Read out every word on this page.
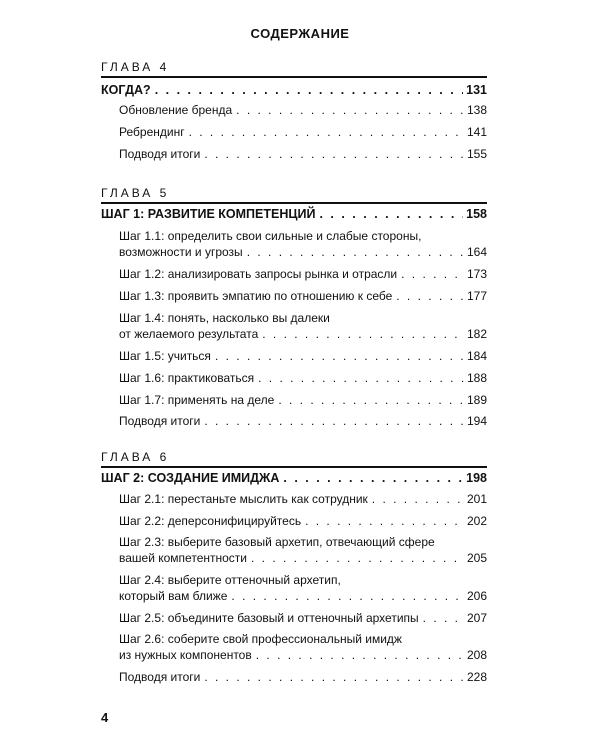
СОДЕРЖАНИЕ
ГЛАВА 4
КОГДА? . . .	131
Обновление бренда . . .	138
Ребрендинг . . .	141
Подводя итоги . . .	155
ГЛАВА 5
ШАГ 1: РАЗВИТИЕ КОМПЕТЕНЦИЙ . . .	158
Шаг 1.1: определить свои сильные и слабые стороны,
возможности и угрозы . . .	164
Шаг 1.2: анализировать запросы рынка и отрасли . . .	173
Шаг 1.3: проявить эмпатию по отношению к себе . . .	177
Шаг 1.4: понять, насколько вы далеки
от желаемого результата . . .	182
Шаг 1.5: учиться . . .	184
Шаг 1.6: практиковаться . . .	188
Шаг 1.7: применять на деле . . .	189
Подводя итоги . . .	194
ГЛАВА 6
ШАГ 2: СОЗДАНИЕ ИМИДЖА . . .	198
Шаг 2.1: перестаньте мыслить как сотрудник . . .	201
Шаг 2.2: деперсонифицируйтесь . . .	202
Шаг 2.3: выберите базовый архетип, отвечающий сфере
вашей компетентности . . .	205
Шаг 2.4: выберите оттеночный архетип,
который вам ближе . . .	206
Шаг 2.5: объедините базовый и оттеночный архетипы . . .	207
Шаг 2.6: соберите свой профессиональный имидж
из нужных компонентов . . .	208
Подводя итоги . . .	228
4
